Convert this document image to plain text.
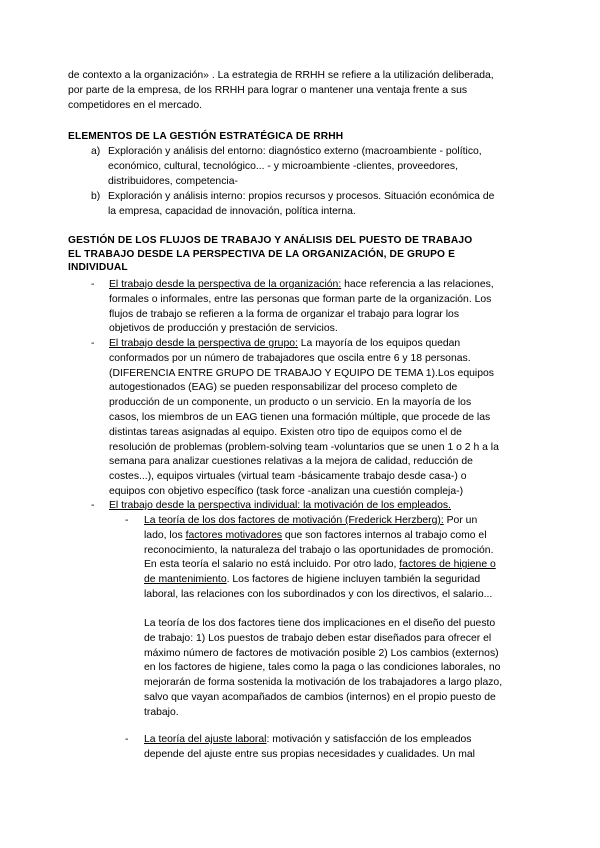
de contexto a la organización» . La estrategia de RRHH se refiere a la utilización deliberada,

por parte de la empresa, de los RRHH para lograr o mantener una ventaja frente a sus

competidores en el mercado.

ELEMENTOS DE LA GESTIÓN ESTRATÉGICA DE RRHH
a) Exploración y análisis del entorno: diagnóstico externo (macroambiente - político,

económico, cultural, tecnológico... - y microambiente -clientes, proveedores,

distribuidores, competencia-

b) Exploración y análisis interno: propios recursos y procesos. Situación económica de

la empresa, capacidad de innovación, política interna.

GESTIÓN DE LOS FLUJOS DE TRABAJO Y ANÁLISIS DEL PUESTO DE TRABAJO

EL TRABAJO DESDE LA PERSPECTIVA DE LA ORGANIZACIÓN, DE GRUPO E

INDIVIDUAL

- El trabajo desde la perspectiva de la organización: hace referencia a las relaciones,

formales o informales, entre las personas que forman parte de la organización. Los

flujos de trabajo se refieren a la forma de organizar el trabajo para lograr los

objetivos de producción y prestación de servicios.

- El trabajo desde la perspectiva de grupo: La mayoría de los equipos quedan

conformados por un número de trabajadores que oscila entre 6 y 18 personas.

(DIFERENCIA ENTRE GRUPO DE TRABAJO Y EQUIPO DE TEMA 1).Los equipos

autogestionados (EAG) se pueden responsabilizar del proceso completo de

producción de un componente, un producto o un servicio. En la mayoría de los

casos, los miembros de un EAG tienen una formación múltiple, que procede de las

distintas tareas asignadas al equipo. Existen otro tipo de equipos como el de

resolución de problemas (problem-solving team -voluntarios que se unen 1 o 2 h a la

semana para analizar cuestiones relativas a la mejora de calidad, reducción de

costes...), equipos virtuales (virtual team -básicamente trabajo desde casa-) o

equipos con objetivo específico (task force -analizan una cuestión compleja-)

- El trabajo desde la perspectiva individual: la motivación de los empleados.

- La teoría de los dos factores de motivación (Frederick Herzberg): Por un

lado, los factores motivadores que son factores internos al trabajo como el

reconocimiento, la naturaleza del trabajo o las oportunidades de promoción.

En esta teoría el salario no está incluido. Por otro lado, factores de higiene o

de mantenimiento. Los factores de higiene incluyen también la seguridad

laboral, las relaciones con los subordinados y con los directivos, el salario...

La teoría de los dos factores tiene dos implicaciones en el diseño del puesto

de trabajo: 1) Los puestos de trabajo deben estar diseñados para ofrecer el

máximo número de factores de motivación posible 2) Los cambios (externos)

en los factores de higiene, tales como la paga o las condiciones laborales, no

mejorarán de forma sostenida la motivación de los trabajadores a largo plazo,

salvo que vayan acompañados de cambios (internos) en el propio puesto de

trabajo.

- La teoría del ajuste laboral: motivación y satisfacción de los empleados

depende del ajuste entre sus propias necesidades y cualidades. Un mal
